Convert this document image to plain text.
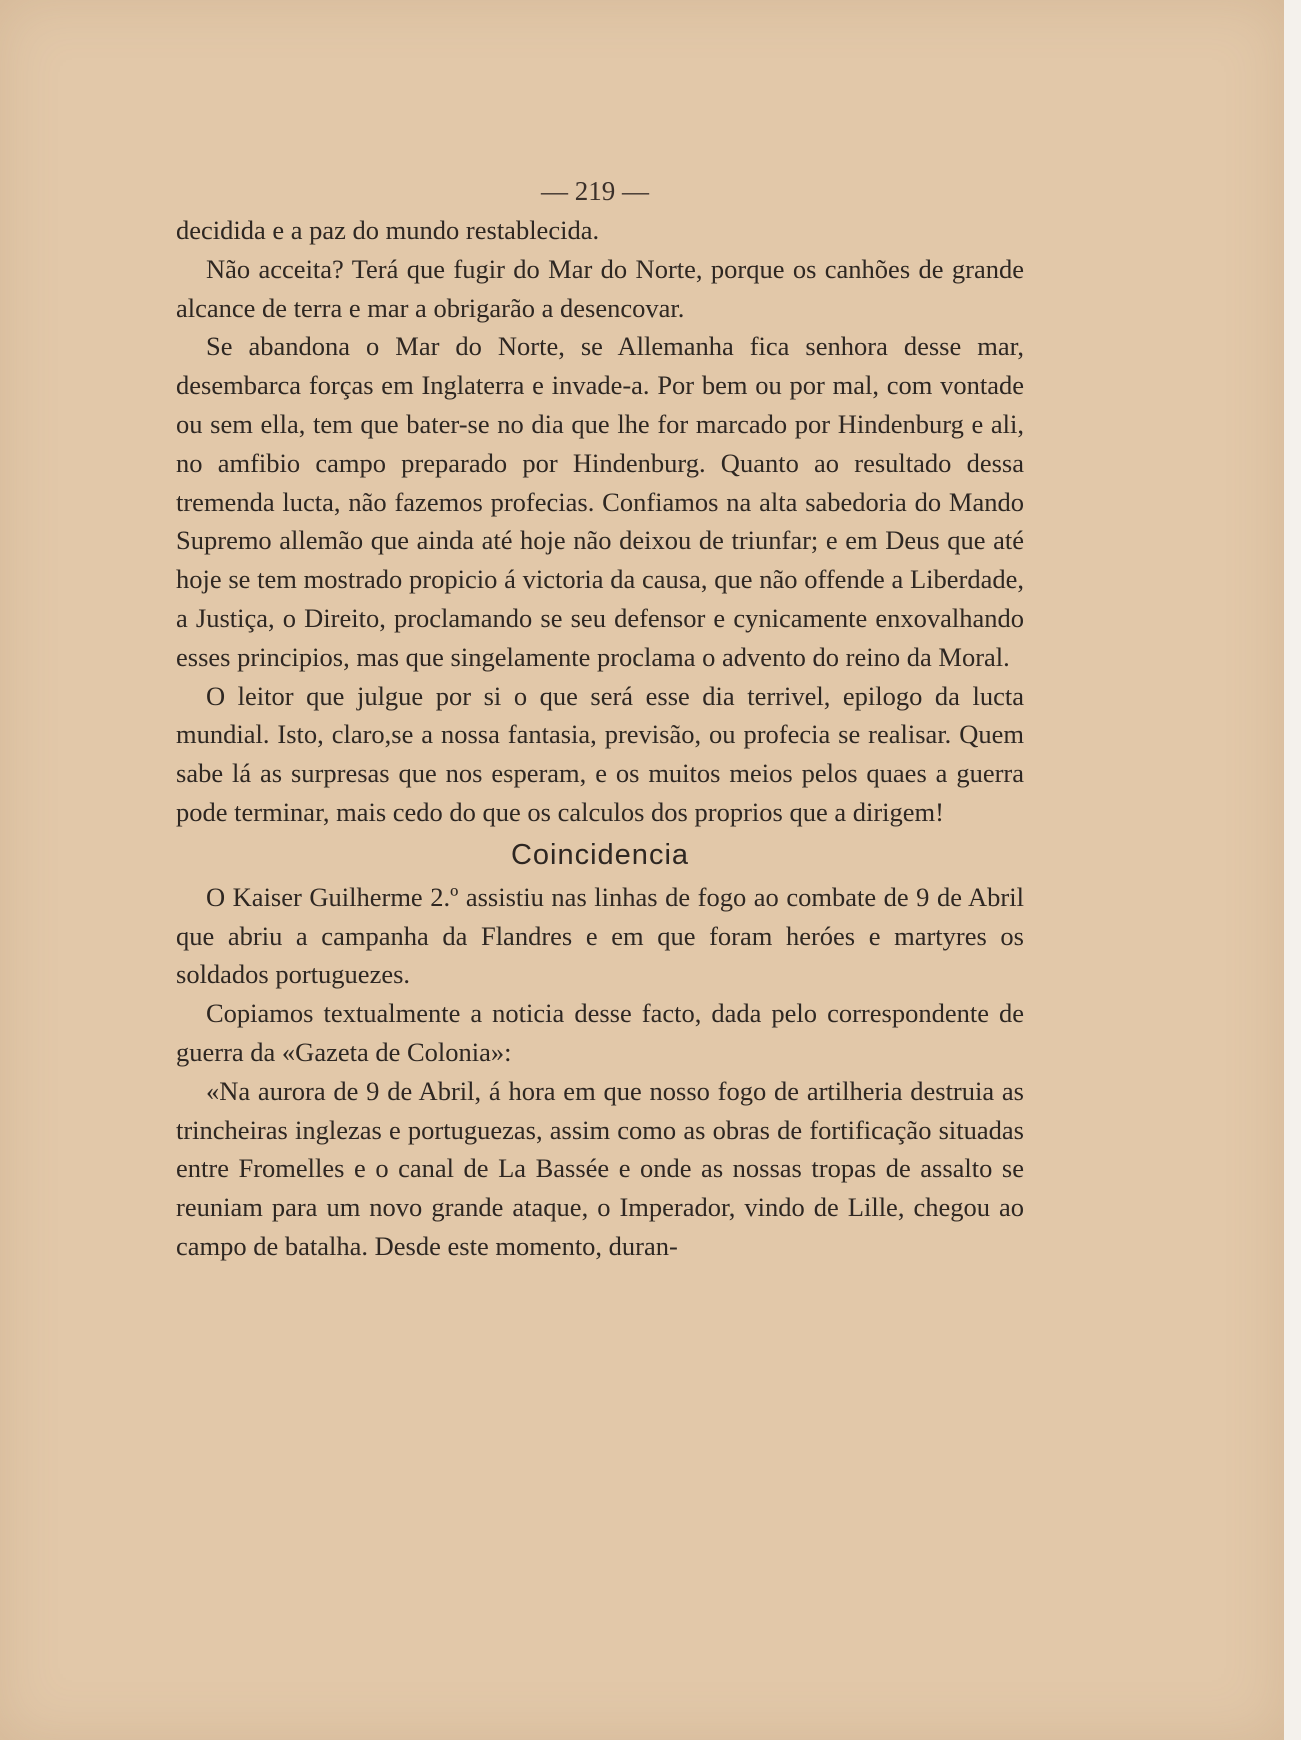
— 219 —

decidida e a paz do mundo restablecida.

Não acceita? Terá que fugir do Mar do Norte, porque os canhões de grande alcance de terra e mar a obrigarão a desencovar.

Se abandona o Mar do Norte, se Allemanha fica senhora desse mar, desembarca forças em Inglaterra e invade-a. Por bem ou por mal, com vontade ou sem ella, tem que bater-se no dia que lhe for marcado por Hindenburg e ali, no amfibio campo preparado por Hindenburg. Quanto ao resultado dessa tremenda lucta, não fazemos profecias. Confiamos na alta sabedoria do Mando Supremo allemão que ainda até hoje não deixou de triunfar; e em Deus que até hoje se tem mostrado propicio á victoria da causa, que não offende a Liberdade, a Justiça, o Direito, proclamando se seu defensor e cynicamente enxovalhando esses principios, mas que singelamente proclama o advento do reino da Moral.

O leitor que julgue por si o que será esse dia terrivel, epilogo da lucta mundial. Isto, claro,se a nossa fantasia, previsão, ou profecia se realisar. Quem sabe lá as surpresas que nos esperam, e os muitos meios pelos quaes a guerra pode terminar, mais cedo do que os calculos dos proprios que a dirigem!

Coincidencia

O Kaiser Guilherme 2.º assistiu nas linhas de fogo ao combate de 9 de Abril que abriu a campanha da Flandres e em que foram heróes e martyres os soldados portuguezes.

Copiamos textualmente a noticia desse facto, dada pelo correspondente de guerra da «Gazeta de Colonia»:

«Na aurora de 9 de Abril, á hora em que nosso fogo de artilheria destruia as trincheiras inglezas e portuguezas, assim como as obras de fortificação situadas entre Fromelles e o canal de La Bassée e onde as nossas tropas de assalto se reuniam para um novo grande ataque, o Imperador, vindo de Lille, chegou ao campo de batalha. Desde este momento, duran-
